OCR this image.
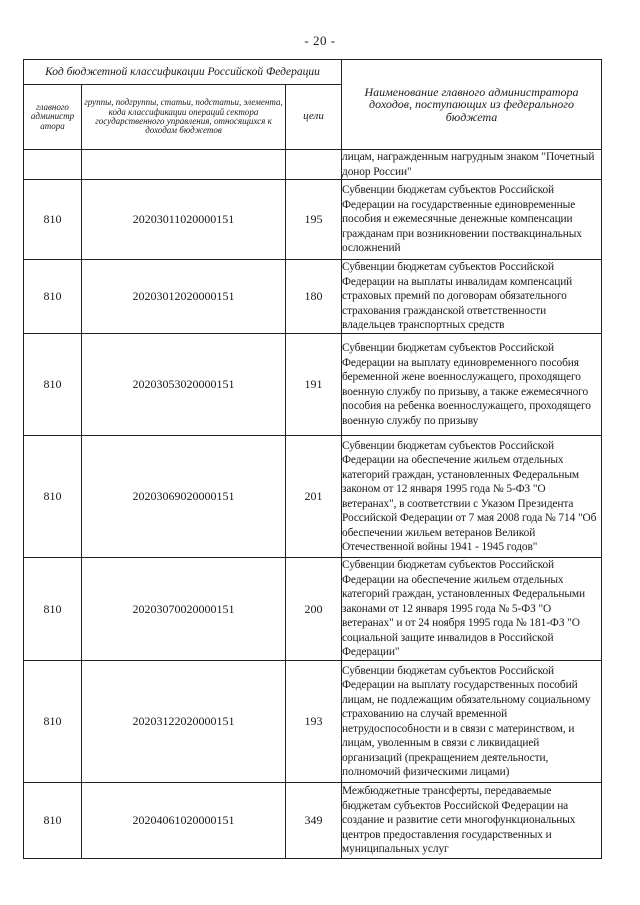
- 20 -
Код бюджетной классификации Российской Федерации			Наименование главного администратора доходов, поступающих из федерального бюджета
главного администр атора	группы, подгруппы, статьи, подстатьи, элемента, кода классификации операций сектора государственного управления, относящихся к доходам бюджетов	цели	
			лицам, награжденным нагрудным знаком "Почетный донор России"
810	20203011020000151	195	Субвенции бюджетам субъектов Российской Федерации на государственные единовременные пособия и ежемесячные денежные компенсации гражданам при возникновении поствакцинальных осложнений
810	20203012020000151	180	Субвенции бюджетам субъектов Российской Федерации на выплаты инвалидам компенсаций страховых премий по договорам обязательного страхования гражданской ответственности владельцев транспортных средств
810	20203053020000151	191	Субвенции бюджетам субъектов Российской Федерации на выплату единовременного пособия беременной жене военнослужащего, проходящего военную службу по призыву, а также ежемесячного пособия на ребенка военнослужащего, проходящего военную службу по призыву
810	20203069020000151	201	Субвенции бюджетам субъектов Российской Федерации на обеспечение жильем отдельных категорий граждан, установленных Федеральным законом от 12 января 1995 года № 5-ФЗ "О ветеранах", в соответствии с Указом Президента Российской Федерации от 7 мая 2008 года № 714 "Об обеспечении жильем ветеранов Великой Отечественной войны 1941 - 1945 годов"
810	20203070020000151	200	Субвенции бюджетам субъектов Российской Федерации на обеспечение жильем отдельных категорий граждан, установленных Федеральными законами от 12 января 1995 года № 5-ФЗ "О ветеранах" и от 24 ноября 1995 года № 181-ФЗ "О социальной защите инвалидов в Российской Федерации"
810	20203122020000151	193	Субвенции бюджетам субъектов Российской Федерации на выплату государственных пособий лицам, не подлежащим обязательному социальному страхованию на случай временной нетрудоспособности и в связи с материнством, и лицам, уволенным в связи с ликвидацией организаций (прекращением деятельности, полномочий физическими лицами)
810	20204061020000151	349	Межбюджетные трансферты, передаваемые бюджетам субъектов Российской Федерации на создание и развитие сети многофункциональных центров предоставления государственных и муниципальных услуг
